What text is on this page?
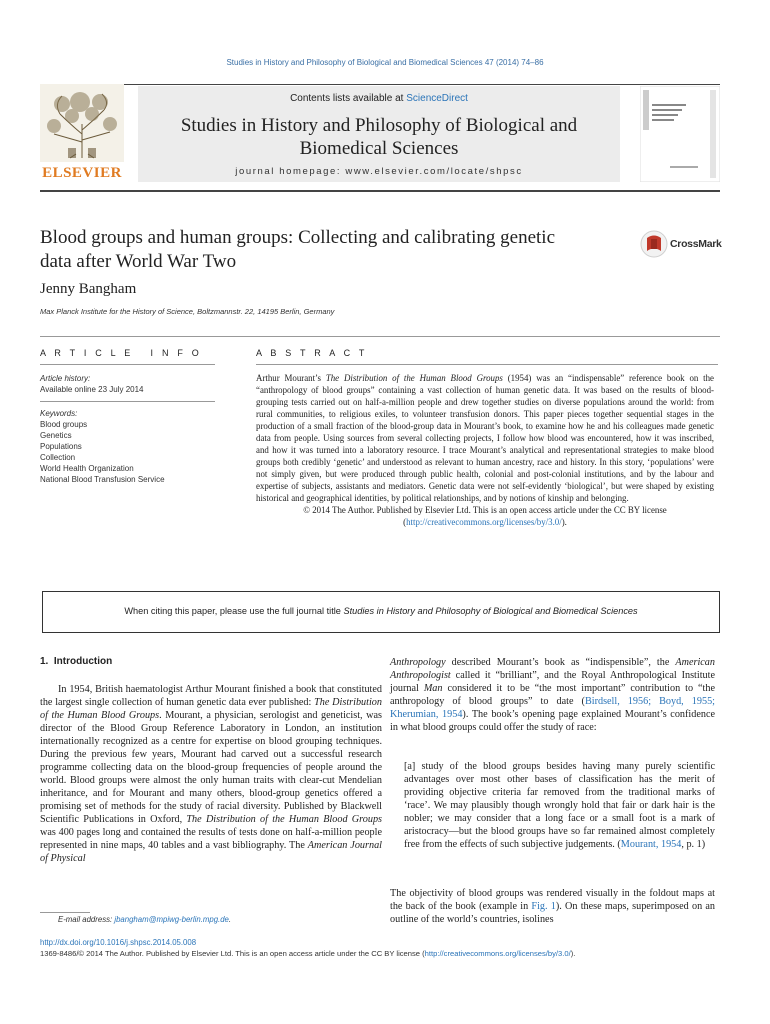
Studies in History and Philosophy of Biological and Biomedical Sciences 47 (2014) 74–86
ELSEVIER
Contents lists available at ScienceDirect
Studies in History and Philosophy of Biological and
Biomedical Sciences
journal homepage: www.elsevier.com/locate/shpsc
Blood groups and human groups: Collecting and calibrating genetic
data after World War Two
CrossMark
Jenny Bangham
Max Planck Institute for the History of Science, Boltzmannstr. 22, 14195 Berlin, Germany
A R T I C L E   I N F O
Article history:
Available online 23 July 2014
Keywords:
Blood groups
Genetics
Populations
Collection
World Health Organization
National Blood Transfusion Service
A B S T R A C T
Arthur Mourant’s The Distribution of the Human Blood Groups (1954) was an “indispensable” reference book on the “anthropology of blood groups” containing a vast collection of human genetic data. It was based on the results of blood-grouping tests carried out on half-a-million people and drew together studies on diverse populations around the world: from rural communities, to religious exiles, to volunteer transfusion donors. This paper pieces together sequential stages in the production of a small fraction of the blood-group data in Mourant’s book, to examine how he and his colleagues made genetic data from people. Using sources from several collecting projects, I follow how blood was encountered, how it was inscribed, and how it was turned into a laboratory resource. I trace Mourant’s analytical and representational strategies to make blood groups both credibly ‘genetic’ and understood as relevant to human ancestry, race and history. In this story, ‘populations’ were not simply given, but were produced through public health, colonial and post-colonial institutions, and by the labour and expertise of subjects, assistants and mediators. Genetic data were not self-evidently ‘biological’, but were shaped by existing historical and geographical identities, by political relationships, and by notions of kinship and belonging.
© 2014 The Author. Published by Elsevier Ltd. This is an open access article under the CC BY license
(http://creativecommons.org/licenses/by/3.0/).
When citing this paper, please use the full journal title Studies in History and Philosophy of Biological and Biomedical Sciences
1.  Introduction

In 1954, British haematologist Arthur Mourant finished a book that constituted the largest single collection of human genetic data ever published: The Distribution of the Human Blood Groups. Mourant, a physician, serologist and geneticist, was director of the Blood Group Reference Laboratory in London, an institution internationally recognized as a centre for expertise on blood grouping techniques. During the previous few years, Mourant had carved out a successful research programme collecting data on the blood-group frequencies of people around the world. Blood groups were almost the only human traits with clear-cut Mendelian inheritance, and for Mourant and many others, blood-group genetics offered a promising set of methods for the study of racial diversity. Published by Blackwell Scientific Publications in Oxford, The Distribution of the Human Blood Groups was 400 pages long and contained the results of tests done on half-a-million people represented in nine maps, 40 tables and a vast bibliography. The American Journal of Physical

Anthropology described Mourant’s book as “indispensible”, the American Anthropologist called it “brilliant”, and the Royal Anthropological Institute journal Man considered it to be “the most important” contribution to “the anthropology of blood groups” to date (Birdsell, 1956; Boyd, 1955; Kherumian, 1954). The book’s opening page explained Mourant’s confidence in what blood groups could offer the study of race:

[a] study of the blood groups besides having many purely scientific advantages over most other bases of classification has the merit of providing objective criteria far removed from the traditional marks of ‘race’. We may plausibly though wrongly hold that fair or dark hair is the nobler; we may consider that a long face or a small foot is a mark of aristocracy—but the blood groups have so far remained almost completely free from the effects of such subjective judgements. (Mourant, 1954, p. 1)

The objectivity of blood groups was rendered visually in the foldout maps at the back of the book (example in Fig. 1). On these maps, superimposed on an outline of the world’s countries, isolines

E-mail address: jbangham@mpiwg-berlin.mpg.de.
http://dx.doi.org/10.1016/j.shpsc.2014.05.008
1369-8486/© 2014 The Author. Published by Elsevier Ltd. This is an open access article under the CC BY license (http://creativecommons.org/licenses/by/3.0/).
